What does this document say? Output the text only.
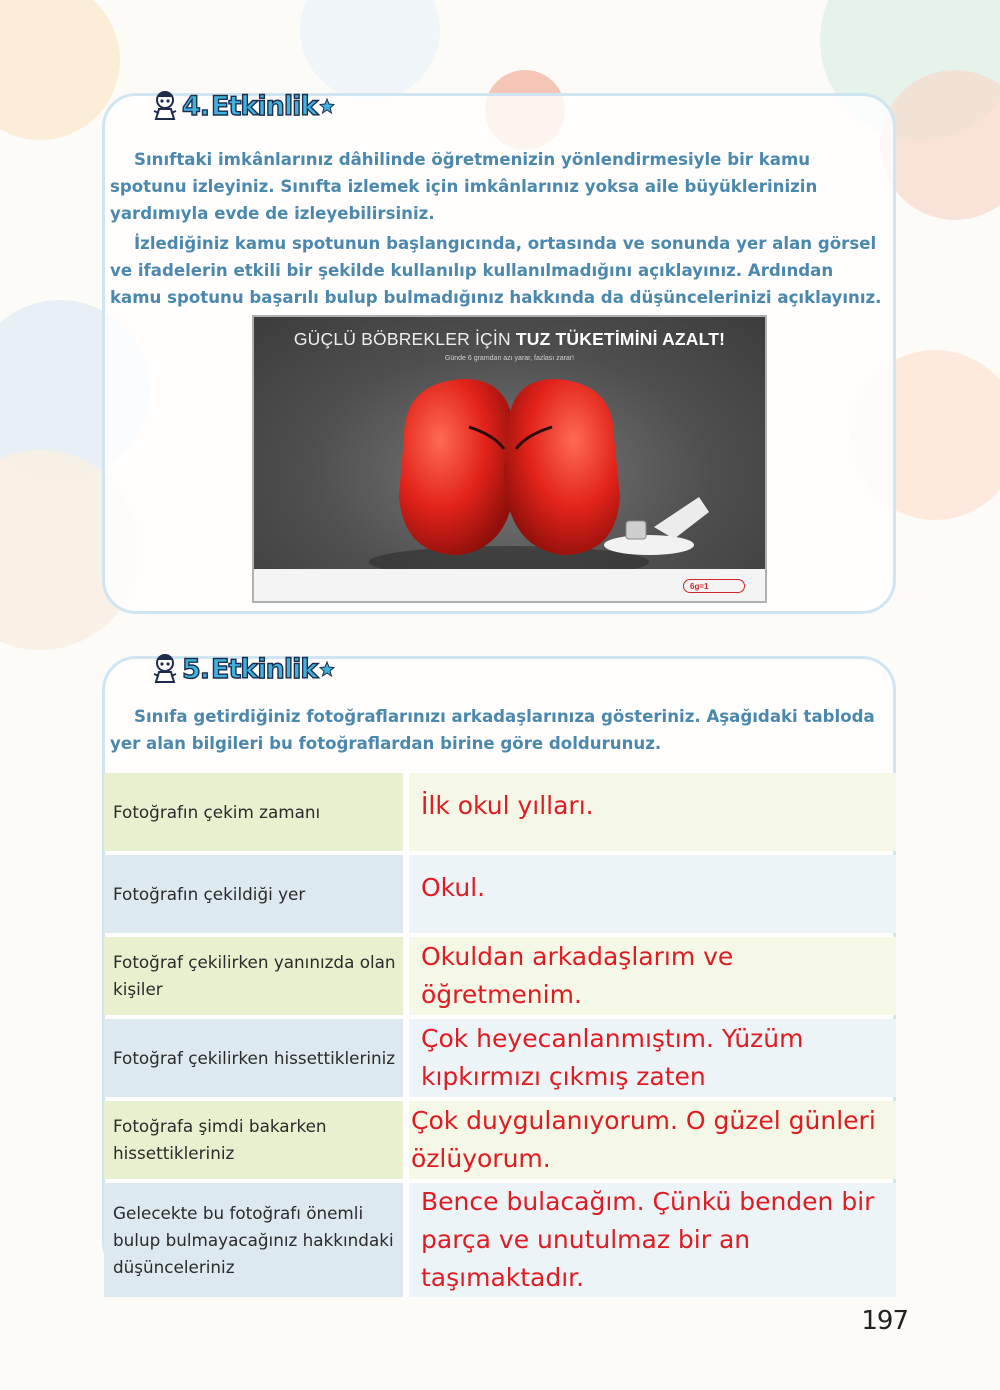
4. Etkinlik

Sınıftaki imkânlarınız dâhilinde öğretmenizin yönlendirmesiyle bir kamu spotunu izleyiniz. Sınıfta izlemek için imkânlarınız yoksa aile büyüklerinizin yardımıyla evde de izleyebilirsiniz.

İzlediğiniz kamu spotunun başlangıcında, ortasında ve sonunda yer alan görsel ve ifadelerin etkili bir şekilde kullanılıp kullanılmadığını açıklayınız. Ardından kamu spotunu başarılı bulup bulmadığınız hakkında da düşüncelerinizi açıklayınız.

GÜÇLÜ BÖBREKLER İÇİN TUZ TÜKETİMİNİ AZALT!
Günde 6 gramdan azı yarar, fazlası zarar!
6g=1
5. Etkinlik

Sınıfa getirdiğiniz fotoğraflarınızı arkadaşlarınıza gösteriniz. Aşağıdaki tabloda yer alan bilgileri bu fotoğraflardan birine göre doldurunuz.

Fotoğrafın çekim zamanı	İlk okul yılları.
Fotoğrafın çekildiği yer	Okul.
Fotoğraf çekilirken yanınızda olan kişiler	Okuldan arkadaşlarım ve öğretmenim.
Fotoğraf çekilirken hissettikleriniz	Çok heyecanlanmıştım. Yüzüm kıpkırmızı çıkmış zaten
Fotoğrafa şimdi bakarken hissettikleriniz	Çok duygulanıyorum. O güzel günleri özlüyorum.
Gelecekte bu fotoğrafı önemli bulup bulmayacağınız hakkındaki düşünceleriniz	Bence bulacağım. Çünkü benden bir parça ve unutulmaz bir an taşımaktadır.
197
